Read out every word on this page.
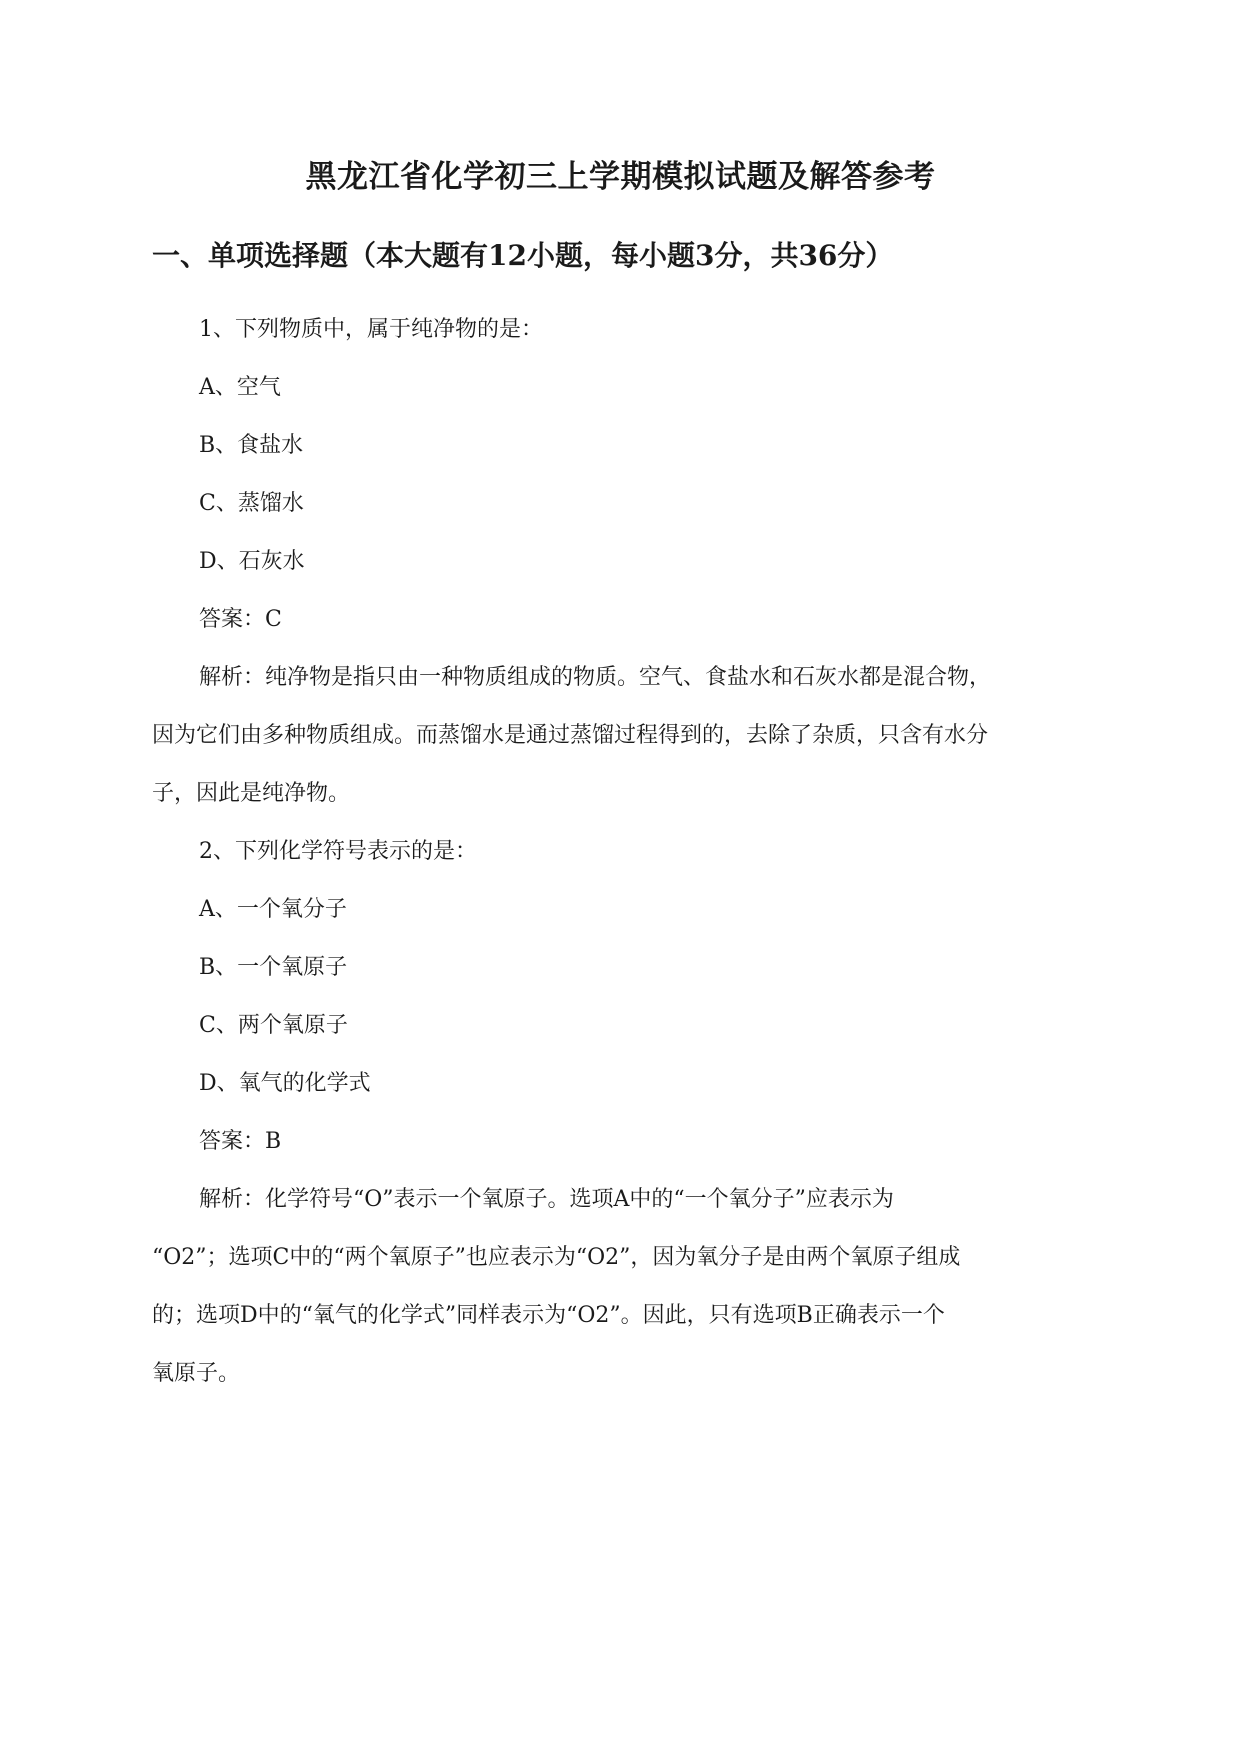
黑龙江省化学初三上学期模拟试题及解答参考
一、单项选择题（本大题有12小题，每小题3分，共36分）
1、下列物质中，属于纯净物的是：
A、空气
B、食盐水
C、蒸馏水
D、石灰水
答案：C
解析：纯净物是指只由一种物质组成的物质。空气、食盐水和石灰水都是混合物，
因为它们由多种物质组成。而蒸馏水是通过蒸馏过程得到的，去除了杂质，只含有水分
子，因此是纯净物。
2、下列化学符号表示的是：
A、一个氧分子
B、一个氧原子
C、两个氧原子
D、氧气的化学式
答案：B
解析：化学符号“O”表示一个氧原子。选项A中的“一个氧分子”应表示为
“O2”；选项C中的“两个氧原子”也应表示为“O2”，因为氧分子是由两个氧原子组成
的；选项D中的“氧气的化学式”同样表示为“O2”。因此，只有选项B正确表示一个
氧原子。
